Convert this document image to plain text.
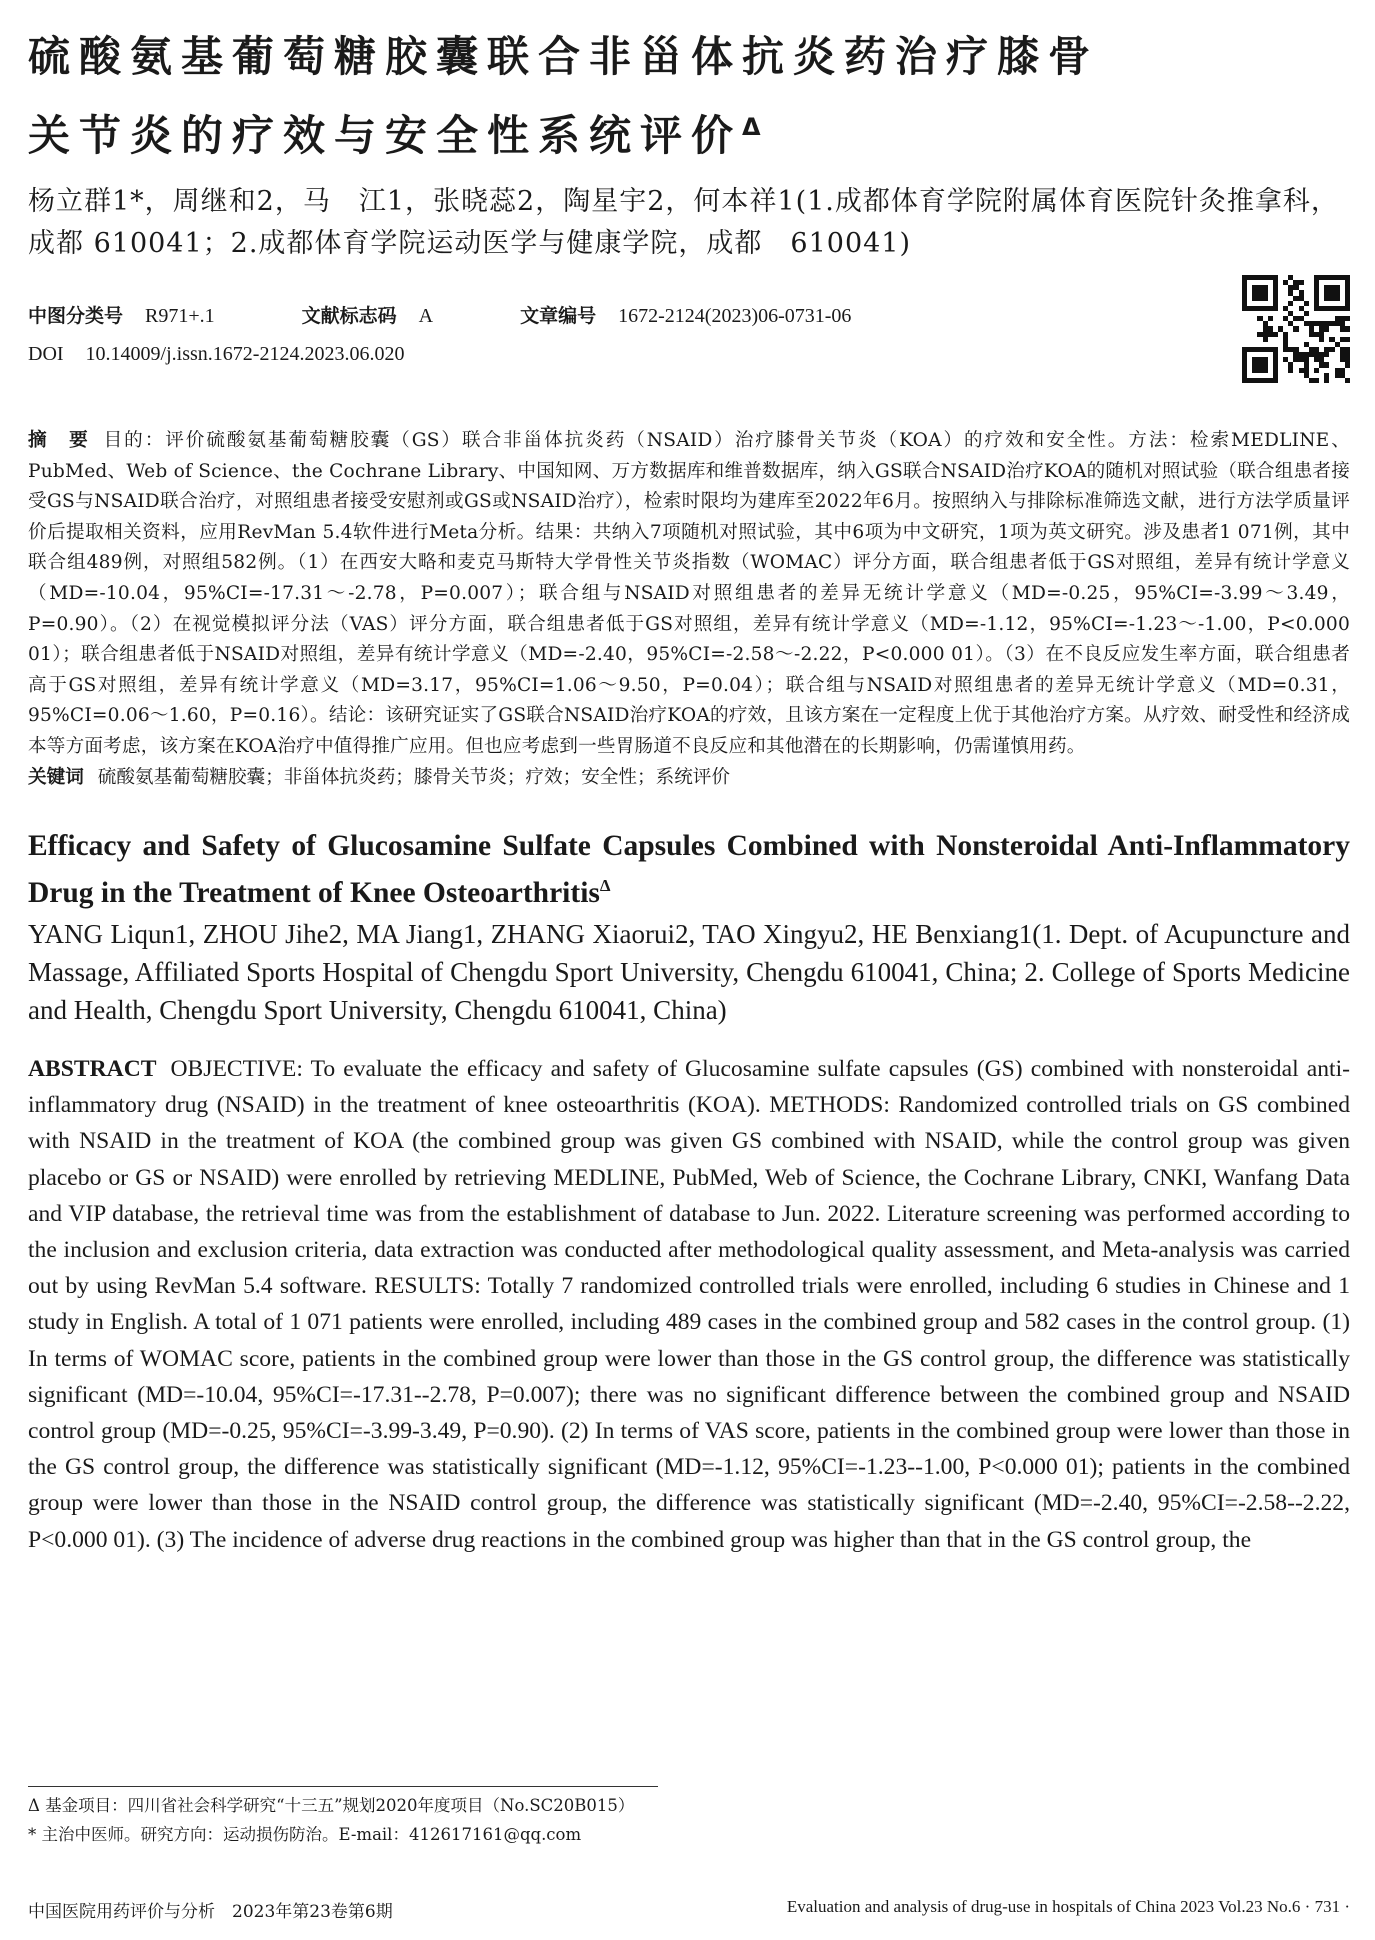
硫酸氨基葡萄糖胶囊联合非甾体抗炎药治疗膝骨
关节炎的疗效与安全性系统评价$^\Delta$
杨立群1*，周继和2，马　江1，张晓蕊2，陶星宇2，何本祥1(1.成都体育学院附属体育医院针灸推拿科，成都 610041；2.成都体育学院运动医学与健康学院，成都　610041)
中图分类号 R971+.1	文献标志码 A	文章编号 1672-2124(2023)06-0731-06
DOI 10.14009/j.issn.1672-2124.2023.06.020
摘　要 目的：评价硫酸氨基葡萄糖胶囊（GS）联合非甾体抗炎药（NSAID）治疗膝骨关节炎（KOA）的疗效和安全性。方法：检索MEDLINE、PubMed、Web of Science、the Cochrane Library、中国知网、万方数据库和维普数据库，纳入GS联合NSAID治疗KOA的随机对照试验（联合组患者接受GS与NSAID联合治疗，对照组患者接受安慰剂或GS或NSAID治疗），检索时限均为建库至2022年6月。按照纳入与排除标准筛选文献，进行方法学质量评价后提取相关资料，应用RevMan 5.4软件进行Meta分析。结果：共纳入7项随机对照试验，其中6项为中文研究，1项为英文研究。涉及患者1 071例，其中联合组489例，对照组582例。（1）在西安大略和麦克马斯特大学骨性关节炎指数（WOMAC）评分方面，联合组患者低于GS对照组，差异有统计学意义（MD=-10.04，95%CI=-17.31～-2.78，P=0.007）；联合组与NSAID对照组患者的差异无统计学意义（MD=-0.25，95%CI=-3.99～3.49，P=0.90）。（2）在视觉模拟评分法（VAS）评分方面，联合组患者低于GS对照组，差异有统计学意义（MD=-1.12，95%CI=-1.23～-1.00，P<0.000 01）；联合组患者低于NSAID对照组，差异有统计学意义（MD=-2.40，95%CI=-2.58～-2.22，P<0.000 01）。（3）在不良反应发生率方面，联合组患者高于GS对照组，差异有统计学意义（MD=3.17，95%CI=1.06～9.50，P=0.04）；联合组与NSAID对照组患者的差异无统计学意义（MD=0.31，95%CI=0.06～1.60，P=0.16）。结论：该研究证实了GS联合NSAID治疗KOA的疗效，且该方案在一定程度上优于其他治疗方案。从疗效、耐受性和经济成本等方面考虑，该方案在KOA治疗中值得推广应用。但也应考虑到一些胃肠道不良反应和其他潜在的长期影响，仍需谨慎用药。
关键词 硫酸氨基葡萄糖胶囊；非甾体抗炎药；膝骨关节炎；疗效；安全性；系统评价
Efficacy and Safety of Glucosamine Sulfate Capsules Combined with Nonsteroidal Anti-Inflammatory Drug in the Treatment of Knee Osteoarthritis$^\Delta$
YANG Liqun1, ZHOU Jihe2, MA Jiang1, ZHANG Xiaorui2, TAO Xingyu2, HE Benxiang1(1. Dept. of Acupuncture and Massage, Affiliated Sports Hospital of Chengdu Sport University, Chengdu 610041, China; 2. College of Sports Medicine and Health, Chengdu Sport University, Chengdu 610041, China)
ABSTRACT OBJECTIVE: To evaluate the efficacy and safety of Glucosamine sulfate capsules (GS) combined with nonsteroidal anti-inflammatory drug (NSAID) in the treatment of knee osteoarthritis (KOA). METHODS: Randomized controlled trials on GS combined with NSAID in the treatment of KOA (the combined group was given GS combined with NSAID, while the control group was given placebo or GS or NSAID) were enrolled by retrieving MEDLINE, PubMed, Web of Science, the Cochrane Library, CNKI, Wanfang Data and VIP database, the retrieval time was from the establishment of database to Jun. 2022. Literature screening was performed according to the inclusion and exclusion criteria, data extraction was conducted after methodological quality assessment, and Meta-analysis was carried out by using RevMan 5.4 software. RESULTS: Totally 7 randomized controlled trials were enrolled, including 6 studies in Chinese and 1 study in English. A total of 1 071 patients were enrolled, including 489 cases in the combined group and 582 cases in the control group. (1) In terms of WOMAC score, patients in the combined group were lower than those in the GS control group, the difference was statistically significant (MD=-10.04, 95%CI=-17.31--2.78, P=0.007); there was no significant difference between the combined group and NSAID control group (MD=-0.25, 95%CI=-3.99-3.49, P=0.90). (2) In terms of VAS score, patients in the combined group were lower than those in the GS control group, the difference was statistically significant (MD=-1.12, 95%CI=-1.23--1.00, P<0.000 01); patients in the combined group were lower than those in the NSAID control group, the difference was statistically significant (MD=-2.40, 95%CI=-2.58--2.22, P<0.000 01). (3) The incidence of adverse drug reactions in the combined group was higher than that in the GS control group, the
Δ 基金项目：四川省社会科学研究“十三五”规划2020年度项目（No.SC20B015）
* 主治中医师。研究方向：运动损伤防治。E-mail：412617161@qq.com
中国医院用药评价与分析　2023年第23卷第6期	Evaluation and analysis of drug-use in hospitals of China 2023 Vol.23 No.6 · 731 ·
